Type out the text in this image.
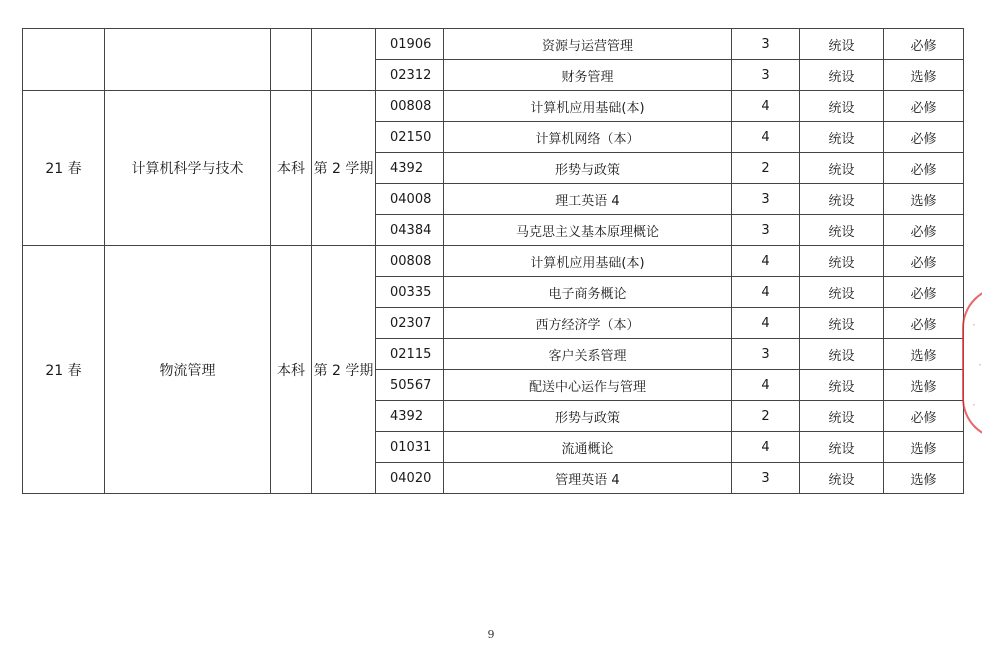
				01906	资源与运营管理	3	统设	必修
				02312	财务管理	3	统设	选修
21 春	计算机科学与技术	本科	第 2 学期	00808	计算机应用基础(本)	4	统设	必修
				02150	计算机网络（本）	4	统设	必修
				4392	形势与政策	2	统设	必修
				04008	理工英语 4	3	统设	选修
				04384	马克思主义基本原理概论	3	统设	必修
21 春	物流管理	本科	第 2 学期	00808	计算机应用基础(本)	4	统设	必修
				00335	电子商务概论	4	统设	必修
				02307	西方经济学（本）	4	统设	必修
				02115	客户关系管理	3	统设	选修
				50567	配送中心运作与管理	4	统设	选修
				4392	形势与政策	2	统设	必修
				01031	流通概论	4	统设	选修
				04020	管理英语 4	3	统设	选修
·
·
·
9
